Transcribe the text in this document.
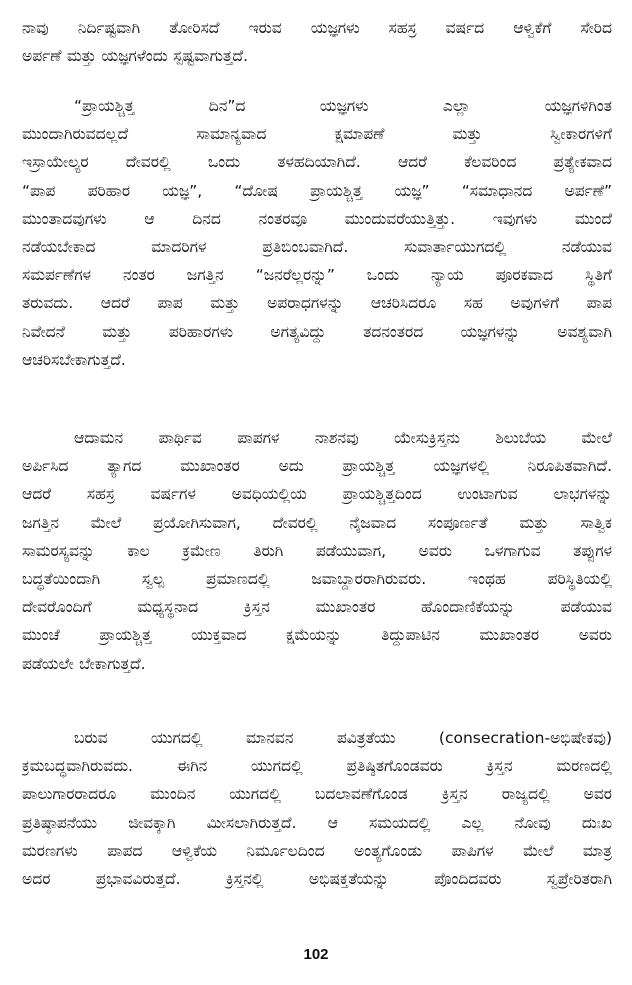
ನಾವು ನಿರ್ದಿಷ್ಟವಾಗಿ ತೋರಿಸದೆ ಇರುವ ಯಜ್ಞಗಳು ಸಹಸ್ರ ವರ್ಷದ ಆಳ್ವಿಕೆಗೆ ಸೇರಿದ

ಅರ್ಪಣೆ ಮತ್ತು ಯಜ್ಞಗಳೆಂದು ಸ್ಪಷ್ಟವಾಗುತ್ತದೆ.

“ಪ್ರಾಯಶ್ಚಿತ್ತ ದಿನ”ದ ಯಜ್ಞಗಳು ಎಲ್ಲಾ ಯಜ್ಞಗಳಿಗಿಂತ

ಮುಂದಾಗಿರುವದಲ್ಲದೆ ಸಾಮಾನ್ಯವಾದ ಕ್ಷಮಾಪಣೆ ಮತ್ತು ಸ್ವೀಕಾರಗಳಿಗೆ

ಇಸ್ರಾಯೇಲ್ಯರ ದೇವರಲ್ಲಿ ಒಂದು ತಳಹದಿಯಾಗಿದೆ. ಆದರೆ ಕೆಲವರಿಂದ ಪ್ರತ್ಯೇಕವಾದ

“ಪಾಪ ಪರಿಹಾರ ಯಜ್ಞ”, “ದೋಷ ಪ್ರಾಯಶ್ಚಿತ್ತ ಯಜ್ಞ” “ಸಮಾಧಾನದ ಅರ್ಪಣೆ”

ಮುಂತಾದವುಗಳು ಆ ದಿನದ ನಂತರವೂ ಮುಂದುವರೆಯುತ್ತಿತ್ತು. ಇವುಗಳು ಮುಂದೆ

ನಡೆಯಬೇಕಾದ ಮಾದರಿಗಳ ಪ್ರತಿಬಿಂಬವಾಗಿದೆ. ಸುವಾರ್ತಾಯುಗದಲ್ಲಿ ನಡೆಯುವ

ಸಮರ್ಪಣೆಗಳ ನಂತರ ಜಗತ್ತಿನ “ಜನರೆಲ್ಲರನ್ನು” ಒಂದು ನ್ಯಾಯ ಪೂರಕವಾದ ಸ್ಥಿತಿಗೆ

ತರುವದು. ಆದರೆ ಪಾಪ ಮತ್ತು ಅಪರಾಧಗಳನ್ನು ಆಚರಿಸಿದರೂ ಸಹ ಅವುಗಳಿಗೆ ಪಾಪ

ನಿವೇದನೆ ಮತ್ತು ಪರಿಹಾರಗಳು ಅಗತ್ಯವಿದ್ದು ತದನಂತರದ ಯಜ್ಞಗಳನ್ನು ಅವಶ್ಯವಾಗಿ

ಆಚರಿಸಬೇಕಾಗುತ್ತದೆ.

ಆದಾಮನ ಪಾರ್ಥಿವ ಪಾಪಗಳ ನಾಶನವು ಯೇಸುಕ್ರಿಸ್ತನು ಶಿಲುಬೆಯ ಮೇಲೆ

ಅರ್ಪಿಸಿದ ತ್ಯಾಗದ ಮುಖಾಂತರ ಅದು ಪ್ರಾಯಶ್ಚಿತ್ತ ಯಜ್ಞಗಳಲ್ಲಿ ನಿರೂಪಿತವಾಗಿದೆ.

ಆದರೆ ಸಹಸ್ರ ವರ್ಷಗಳ ಅವಧಿಯಲ್ಲಿಯ ಪ್ರಾಯಶ್ಚಿತ್ತದಿಂದ ಉಂಟಾಗುವ ಲಾಭಗಳನ್ನು

ಜಗತ್ತಿನ ಮೇಲೆ ಪ್ರಯೋಗಿಸುವಾಗ, ದೇವರಲ್ಲಿ ನೈಜವಾದ ಸಂಪೂರ್ಣತೆ ಮತ್ತು ಸಾತ್ವಿಕ

ಸಾಮರಸ್ಯವನ್ನು ಕಾಲ ಕ್ರಮೇಣ ತಿರುಗಿ ಪಡೆಯುವಾಗ, ಅವರು ಒಳಗಾಗುವ ತಪ್ಪುಗಳ

ಬದ್ಧತೆಯಿಂದಾಗಿ ಸ್ವಲ್ಪ ಪ್ರಮಾಣದಲ್ಲಿ ಜವಾಬ್ದಾರರಾಗಿರುವರು. ಇಂಥಹ ಪರಿಸ್ಥಿತಿಯಲ್ಲಿ

ದೇವರೊಂದಿಗೆ ಮಧ್ಯಸ್ಥನಾದ ಕ್ರಿಸ್ತನ ಮುಖಾಂತರ ಹೊಂದಾಣಿಕೆಯನ್ನು ಪಡೆಯುವ

ಮುಂಚೆ ಪ್ರಾಯಶ್ಚಿತ್ತ ಯುಕ್ತವಾದ ಕ್ಷಮೆಯನ್ನು ತಿದ್ದುಪಾಟಿನ ಮುಖಾಂತರ ಅವರು

ಪಡೆಯಲೇ ಬೇಕಾಗುತ್ತದೆ.

ಬರುವ ಯುಗದಲ್ಲಿ ಮಾನವನ ಪವಿತ್ರತೆಯು (consecration-ಅಭಿಷೇಕವು)

ಕ್ರಮಬದ್ಧವಾಗಿರುವದು. ಈಗಿನ ಯುಗದಲ್ಲಿ ಪ್ರತಿಷ್ಠಿತಗೊಂಡವರು ಕ್ರಿಸ್ತನ ಮರಣದಲ್ಲಿ

ಪಾಲುಗಾರರಾದರೂ ಮುಂದಿನ ಯುಗದಲ್ಲಿ ಬದಲಾವಣೆಗೊಂಡ ಕ್ರಿಸ್ತನ ರಾಜ್ಯದಲ್ಲಿ ಅವರ

ಪ್ರತಿಷ್ಠಾಪನೆಯು ಜೀವಕ್ಕಾಗಿ ಮೀಸಲಾಗಿರುತ್ತದೆ. ಆ ಸಮಯದಲ್ಲಿ ಎಲ್ಲ ನೋವು ದುಃಖ

ಮರಣಗಳು ಪಾಪದ ಆಳ್ವಿಕೆಯ ನಿರ್ಮೂಲದಿಂದ ಅಂತ್ಯಗೊಂಡು ಪಾಪಿಗಳ ಮೇಲೆ ಮಾತ್ರ

ಅದರ ಪ್ರಭಾವವಿರುತ್ತದೆ. ಕ್ರಿಸ್ತನಲ್ಲಿ ಅಭಿಷಕ್ತತೆಯನ್ನು ಪೊಂದಿದವರು ಸ್ವಪ್ರೇರಿತರಾಗಿ

102
